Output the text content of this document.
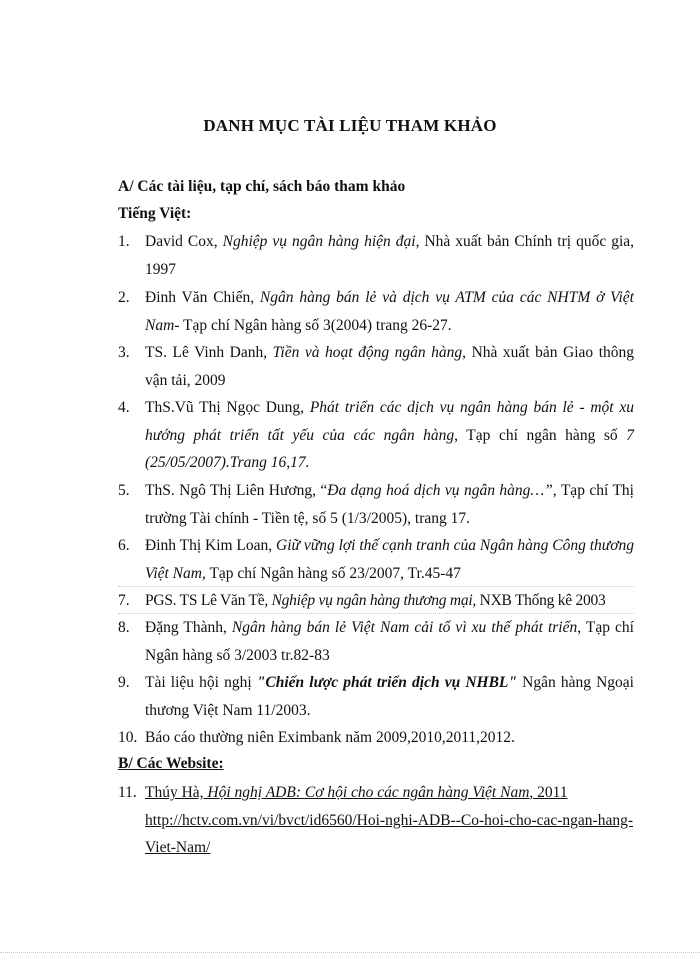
DANH MỤC TÀI LIỆU THAM KHẢO
A/ Các tài liệu, tạp chí, sách báo tham khảo
Tiếng Việt:
1. David Cox, Nghiệp vụ ngân hàng hiện đại, Nhà xuất bản Chính trị quốc gia, 1997
2. Đinh Văn Chiến, Ngân hàng bán lẻ và dịch vụ ATM của các NHTM ở Việt Nam- Tạp chí Ngân hàng số 3(2004) trang 26-27.
3. TS. Lê Vinh Danh, Tiền và hoạt động ngân hàng, Nhà xuất bản Giao thông vận tải, 2009
4. ThS.Vũ Thị Ngọc Dung, Phát triển các dịch vụ ngân hàng bán lẻ - một xu hướng phát triển tất yếu của các ngân hàng, Tạp chí ngân hàng số 7 (25/05/2007).Trang 16,17.
5. ThS. Ngô Thị Liên Hương, “Đa dạng hoá dịch vụ ngân hàng…”, Tạp chí Thị trường Tài chính - Tiền tệ, số 5 (1/3/2005), trang 17.
6. Đinh Thị Kim Loan, Giữ vững lợi thế cạnh tranh của Ngân hàng Công thương Việt Nam, Tạp chí Ngân hàng số 23/2007, Tr.45-47
7. PGS. TS Lê Văn Tề, Nghiệp vụ ngân hàng thương mại, NXB Thống kê 2003
8. Đặng Thành, Ngân hàng bán lẻ Việt Nam cải tổ vì xu thế phát triển, Tạp chí Ngân hàng số 3/2003 tr.82-83
9. Tài liệu hội nghị "Chiến lược phát triển dịch vụ NHBL" Ngân hàng Ngoại thương Việt Nam 11/2003.
10. Báo cáo thường niên Eximbank năm 2009,2010,2011,2012.
B/ Các Website:
11. Thúy Hà, Hội nghị ADB: Cơ hội cho các ngân hàng Việt Nam, 2011
http://hctv.com.vn/vi/bvct/id6560/Hoi-nghi-ADB--Co-hoi-cho-cac-ngan-hang-Viet-Nam/
